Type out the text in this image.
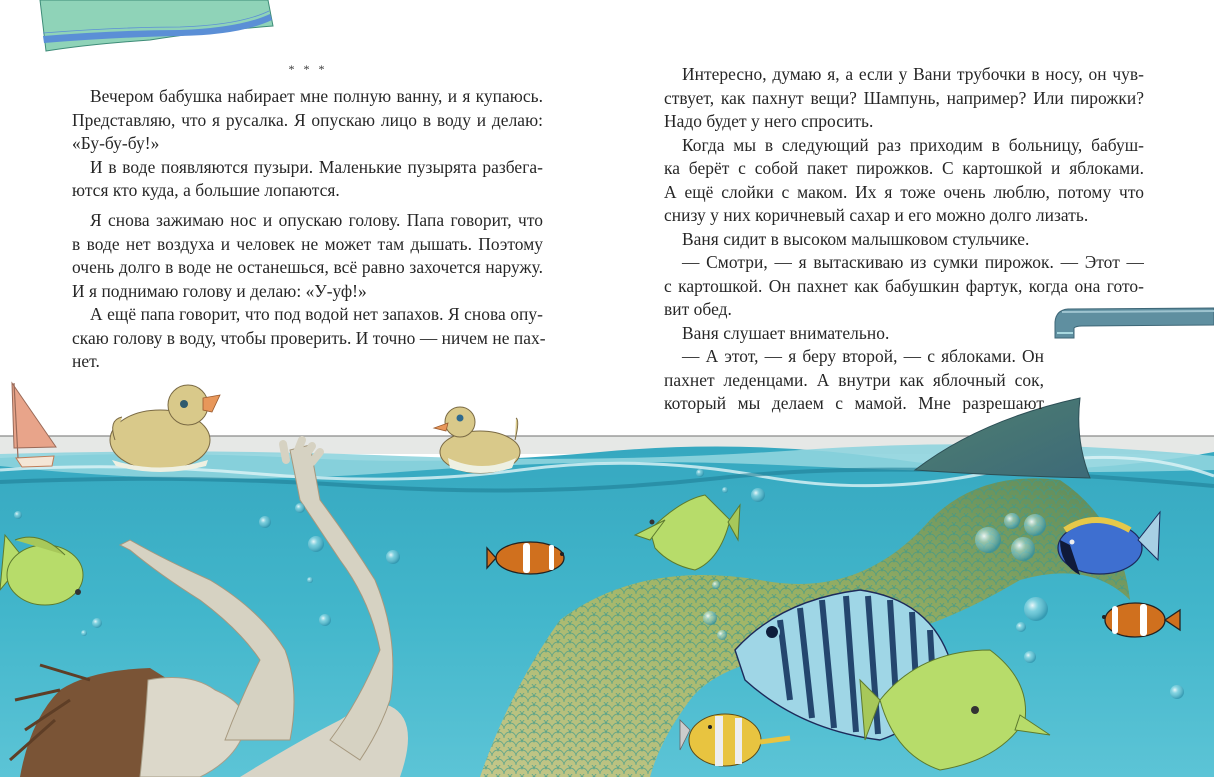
* * *
Вечером бабушка набирает мне полную ванну, и я купаюсь.
Представляю, что я русалка. Я опускаю лицо в воду и делаю:
«Бу-бу-бу!»
И в воде появляются пузыри. Маленькие пузырята разбега-
ются кто куда, а большие лопаются.
Я снова зажимаю нос и опускаю голову. Папа говорит, что
в воде нет воздуха и человек не может там дышать. Поэтому
очень долго в воде не останешься, всё равно захочется наружу.
И я поднимаю голову и делаю: «У-уф!»
А ещё папа говорит, что под водой нет запахов. Я снова опу-
скаю голову в воду, чтобы проверить. И точно — ничем не пах-
нет.
Интересно, думаю я, а если у Вани трубочки в носу, он чув-
ствует, как пахнут вещи? Шампунь, например? Или пирожки?
Надо будет у него спросить.
Когда мы в следующий раз приходим в больницу, бабуш-
ка берёт с собой пакет пирожков. С картошкой и яблоками.
А ещё слойки с маком. Их я тоже очень люблю, потому что
снизу у них коричневый сахар и его можно долго лизать.
Ваня сидит в высоком малышковом стульчике.
— Смотри, — я вытаскиваю из сумки пирожок. — Этот —
с картошкой. Он пахнет как бабушкин фартук, когда она гото-
вит обед.
Ваня слушает внимательно.
— А этот, — я беру второй, — с яблоками. Он
пахнет леденцами. А внутри как яблочный сок,
который мы делаем с мамой. Мне разрешают
